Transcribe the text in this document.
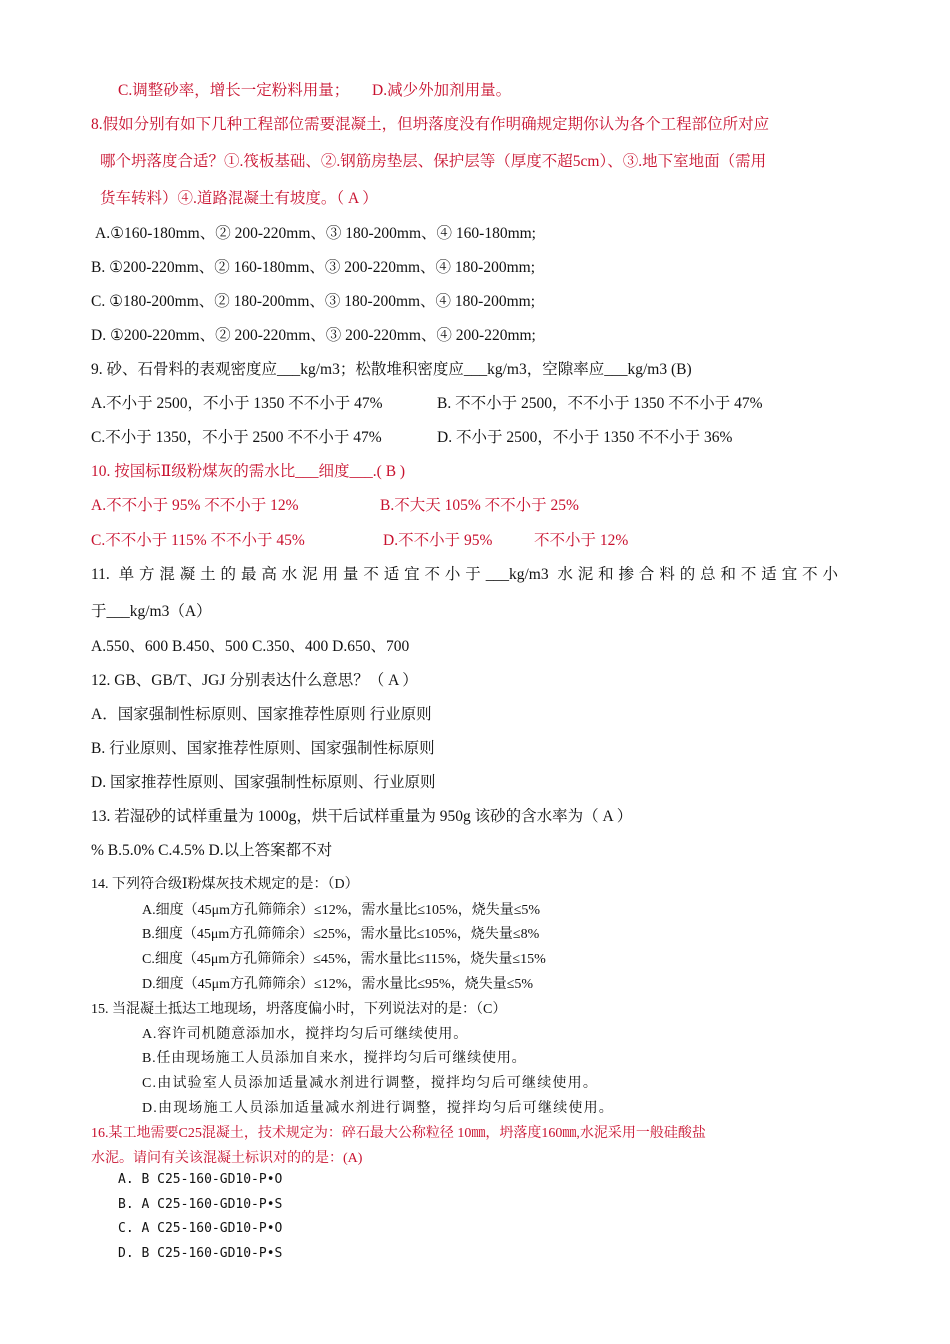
C.调整砂率，增长一定粉料用量； D.减少外加剂用量。
8.假如分别有如下几种工程部位需要混凝土，但坍落度没有作明确规定期你认为各个工程部位所对应
哪个坍落度合适？①.筏板基础、②.钢筋房垫层、保护层等（厚度不超5cm）、③.地下室地面（需用
货车转料）④.道路混凝土有坡度。（ A ）
A.①160-180mm、② 200-220mm、③ 180-200mm、④ 160-180mm;
B. ①200-220mm、② 160-180mm、③ 200-220mm、④ 180-200mm;
C. ①180-200mm、② 180-200mm、③ 180-200mm、④ 180-200mm;
D. ①200-220mm、② 200-220mm、③ 200-220mm、④ 200-220mm;
9. 砂、石骨料的表观密度应___kg/m3；松散堆积密度应___kg/m3，空隙率应___kg/m3 (B)
A.不小于 2500，不小于 1350 不不小于 47%	B. 不不小于 2500，不不小于 1350 不不小于 47%
C.不小于 1350，不小于 2500 不不小于 47%	D. 不小于 2500，不小于 1350 不不小于 36%
10. 按国标Ⅱ级粉煤灰的需水比___细度___.( B )
A.不不小于 95% 不不小于 12%	B.不大天 105% 不不小于 25%
C.不不小于 115% 不不小于 45%	D.不不小于 95%	不不小于 12%
11. 单方混凝土的最高水泥用量不适宜不小于___kg/m3 水泥和掺合料的总和不适宜不小
于___kg/m3（A）
A.550、600 B.450、500 C.350、400 D.650、700
12. GB、GB/T、JGJ 分别表达什么意思？（ A ）
A．国家强制性标原则、国家推荐性原则 行业原则
B. 行业原则、国家推荐性原则、国家强制性标原则
D. 国家推荐性原则、国家强制性标原则、行业原则
13. 若湿砂的试样重量为 1000g，烘干后试样重量为 950g 该砂的含水率为（ A ）
% B.5.0% C.4.5% D.以上答案都不对
14. 下列符合级Ⅰ粉煤灰技术规定的是：（D）
A.细度（45μm方孔筛筛余）≤12%，需水量比≤105%，烧失量≤5%
B.细度（45μm方孔筛筛余）≤25%，需水量比≤105%，烧失量≤8%
C.细度（45μm方孔筛筛余）≤45%，需水量比≤115%，烧失量≤15%
D.细度（45μm方孔筛筛余）≤12%，需水量比≤95%，烧失量≤5%
15. 当混凝土抵达工地现场，坍落度偏小时，下列说法对的是：（C）
A.容许司机随意添加水，搅拌均匀后可继续使用。
B.任由现场施工人员添加自来水，搅拌均匀后可继续使用。
C.由试验室人员添加适量减水剂进行调整，搅拌均匀后可继续使用。
D.由现场施工人员添加适量减水剂进行调整，搅拌均匀后可继续使用。
16.某工地需要C25混凝土，技术规定为：碎石最大公称粒径 10㎜，坍落度160㎜,水泥采用一般硅酸盐
水泥。请问有关该混凝土标识对的的是：(A)
A. B C25-160-GD10-P•O
B. A C25-160-GD10-P•S
C. A C25-160-GD10-P•O
D. B C25-160-GD10-P•S
